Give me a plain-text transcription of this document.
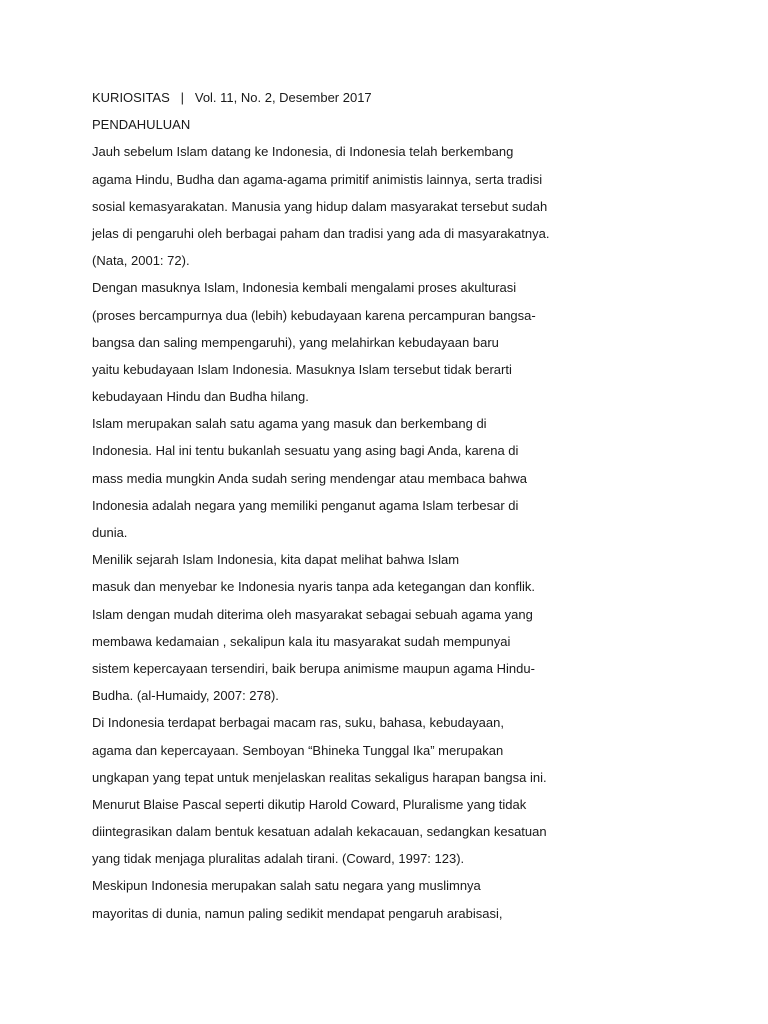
KURIOSITAS | Vol. 11, No. 2, Desember 2017
PENDAHULUAN
Jauh sebelum Islam datang ke Indonesia, di Indonesia telah berkembang
agama Hindu, Budha dan agama-agama primitif animistis lainnya, serta tradisi
sosial kemasyarakatan. Manusia yang hidup dalam masyarakat tersebut sudah
jelas di pengaruhi oleh berbagai paham dan tradisi yang ada di masyarakatnya.
(Nata, 2001: 72).
Dengan masuknya Islam, Indonesia kembali mengalami proses akulturasi
(proses bercampurnya dua (lebih) kebudayaan karena percampuran bangsa-
bangsa dan saling mempengaruhi), yang melahirkan kebudayaan baru
yaitu kebudayaan Islam Indonesia. Masuknya Islam tersebut tidak berarti
kebudayaan Hindu dan Budha hilang.
Islam merupakan salah satu agama yang masuk dan berkembang di
Indonesia. Hal ini tentu bukanlah sesuatu yang asing bagi Anda, karena di
mass media mungkin Anda sudah sering mendengar atau membaca bahwa
Indonesia adalah negara yang memiliki penganut agama Islam terbesar di
dunia.
Menilik sejarah Islam Indonesia, kita dapat melihat bahwa Islam
masuk dan menyebar ke Indonesia nyaris tanpa ada ketegangan dan konflik.
Islam dengan mudah diterima oleh masyarakat sebagai sebuah agama yang
membawa kedamaian , sekalipun kala itu masyarakat sudah mempunyai
sistem kepercayaan tersendiri, baik berupa animisme maupun agama Hindu-
Budha. (al-Humaidy, 2007: 278).
Di Indonesia terdapat berbagai macam ras, suku, bahasa, kebudayaan,
agama dan kepercayaan. Semboyan “Bhineka Tunggal Ika” merupakan
ungkapan yang tepat untuk menjelaskan realitas sekaligus harapan bangsa ini.
Menurut Blaise Pascal seperti dikutip Harold Coward, Pluralisme yang tidak
diintegrasikan dalam bentuk kesatuan adalah kekacauan, sedangkan kesatuan
yang tidak menjaga pluralitas adalah tirani. (Coward, 1997: 123).
Meskipun Indonesia merupakan salah satu negara yang muslimnya
mayoritas di dunia, namun paling sedikit mendapat pengaruh arabisasi,
